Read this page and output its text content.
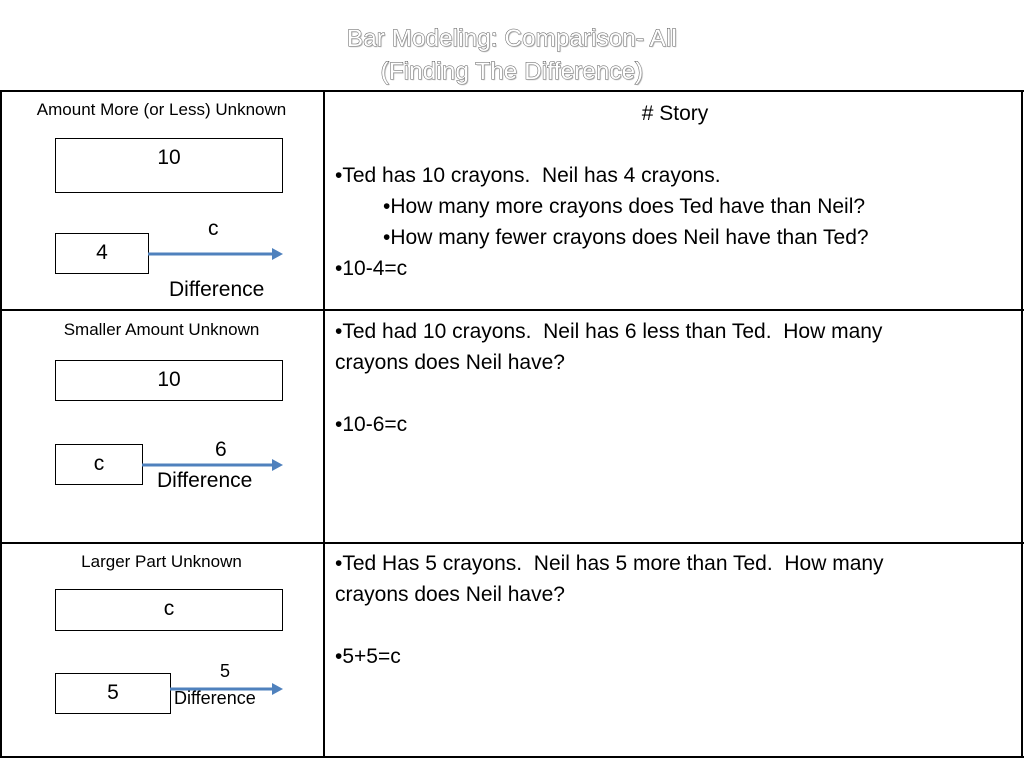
Bar Modeling: Comparison- All
(Finding The Difference)
Amount More (or Less) Unknown
10
4
c
Difference
# Story
•Ted has 10 crayons.  Neil has 4 crayons.
•How many more crayons does Ted have than Neil?
•How many fewer crayons does Neil have than Ted?
•10-4=c
Smaller Amount Unknown
10
c
6
Difference
•Ted had 10 crayons.  Neil has 6 less than Ted.  How many
crayons does Neil have?
•10-6=c
Larger Part Unknown
c
5
5
Difference
•Ted Has 5 crayons.  Neil has 5 more than Ted.  How many
crayons does Neil have?
•5+5=c
